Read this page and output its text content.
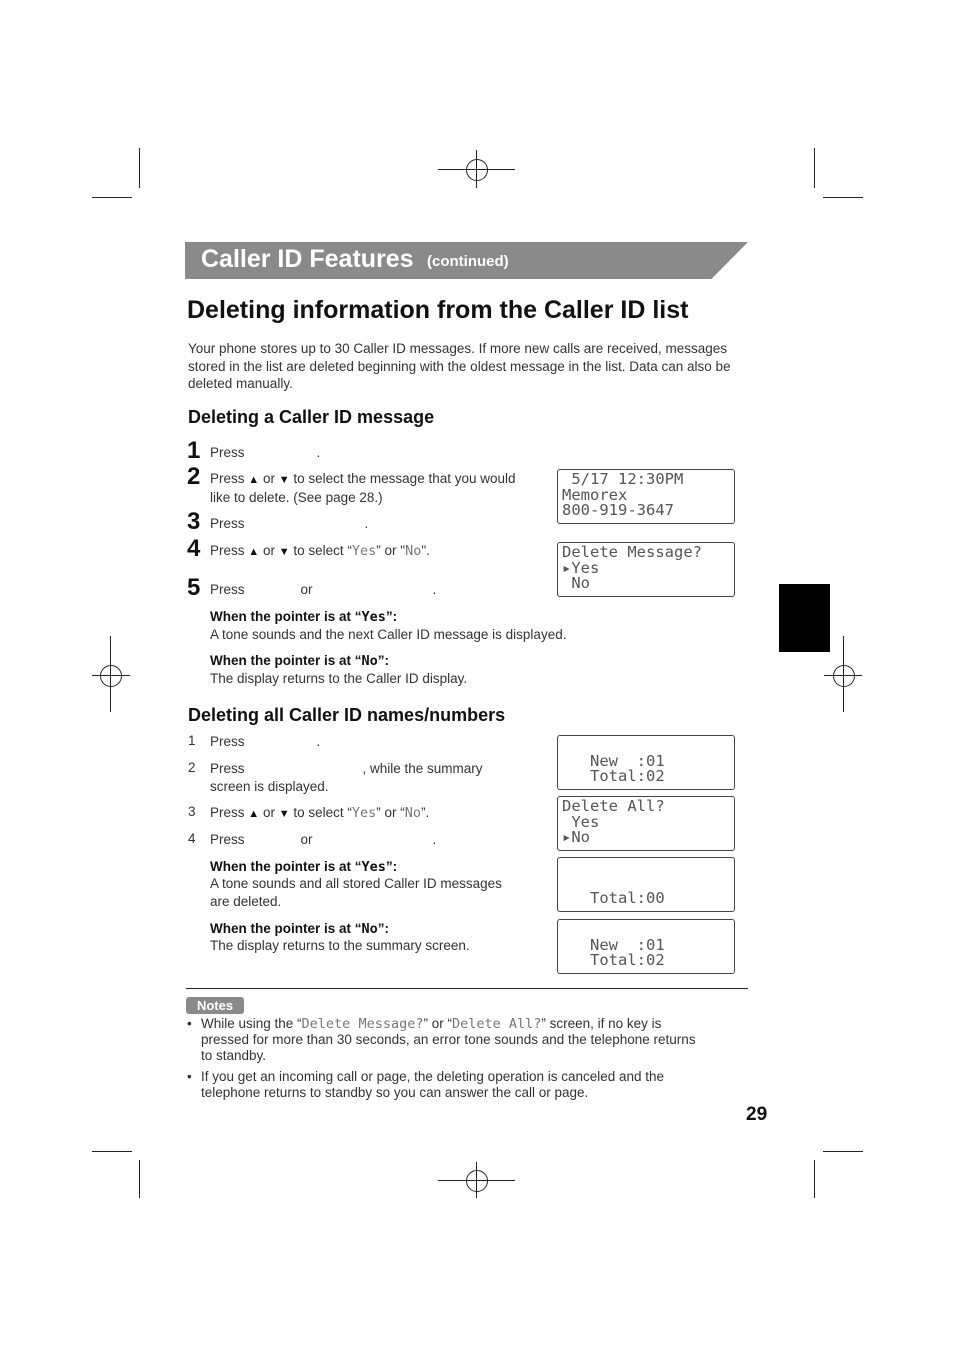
Caller ID Features (continued)
Deleting information from the Caller ID list
Your phone stores up to 30 Caller ID messages. If more new calls are received, messages stored in the list are deleted beginning with the oldest message in the list. Data can also be deleted manually.
Deleting a Caller ID message
1 Press	.
2 Press ▲ or ▼ to select the message that you would like to delete. (See page 28.)
3 Press	.
4 Press ▲ or ▼ to select “Yes” or "No".
5 Press	or	.
When the pointer is at “Yes”:
A tone sounds and the next Caller ID message is displayed.
When the pointer is at “No”:
The display returns to the Caller ID display.
Deleting all Caller ID names/numbers
1 Press	.
2 Press	, while the summary
screen is displayed.
3 Press ▲ or ▼ to select “Yes” or “No”.
4 Press	or	.
When the pointer is at “Yes”:
A tone sounds and all stored Caller ID messages
are deleted.
When the pointer is at “No”:
The display returns to the summary screen.
5/17 12:30PM
Memorex
800-919-3647
Delete Message?
▸Yes
No

New  :01
Total:02
Delete All?
Yes
▸No

Total:00

New  :01
Total:02
Notes
• While using the “Delete Message?” or “Delete All?” screen, if no key is
pressed for more than 30 seconds, an error tone sounds and the telephone returns
to standby.
• If you get an incoming call or page, the deleting operation is canceled and the
telephone returns to standby so you can answer the call or page.
29
